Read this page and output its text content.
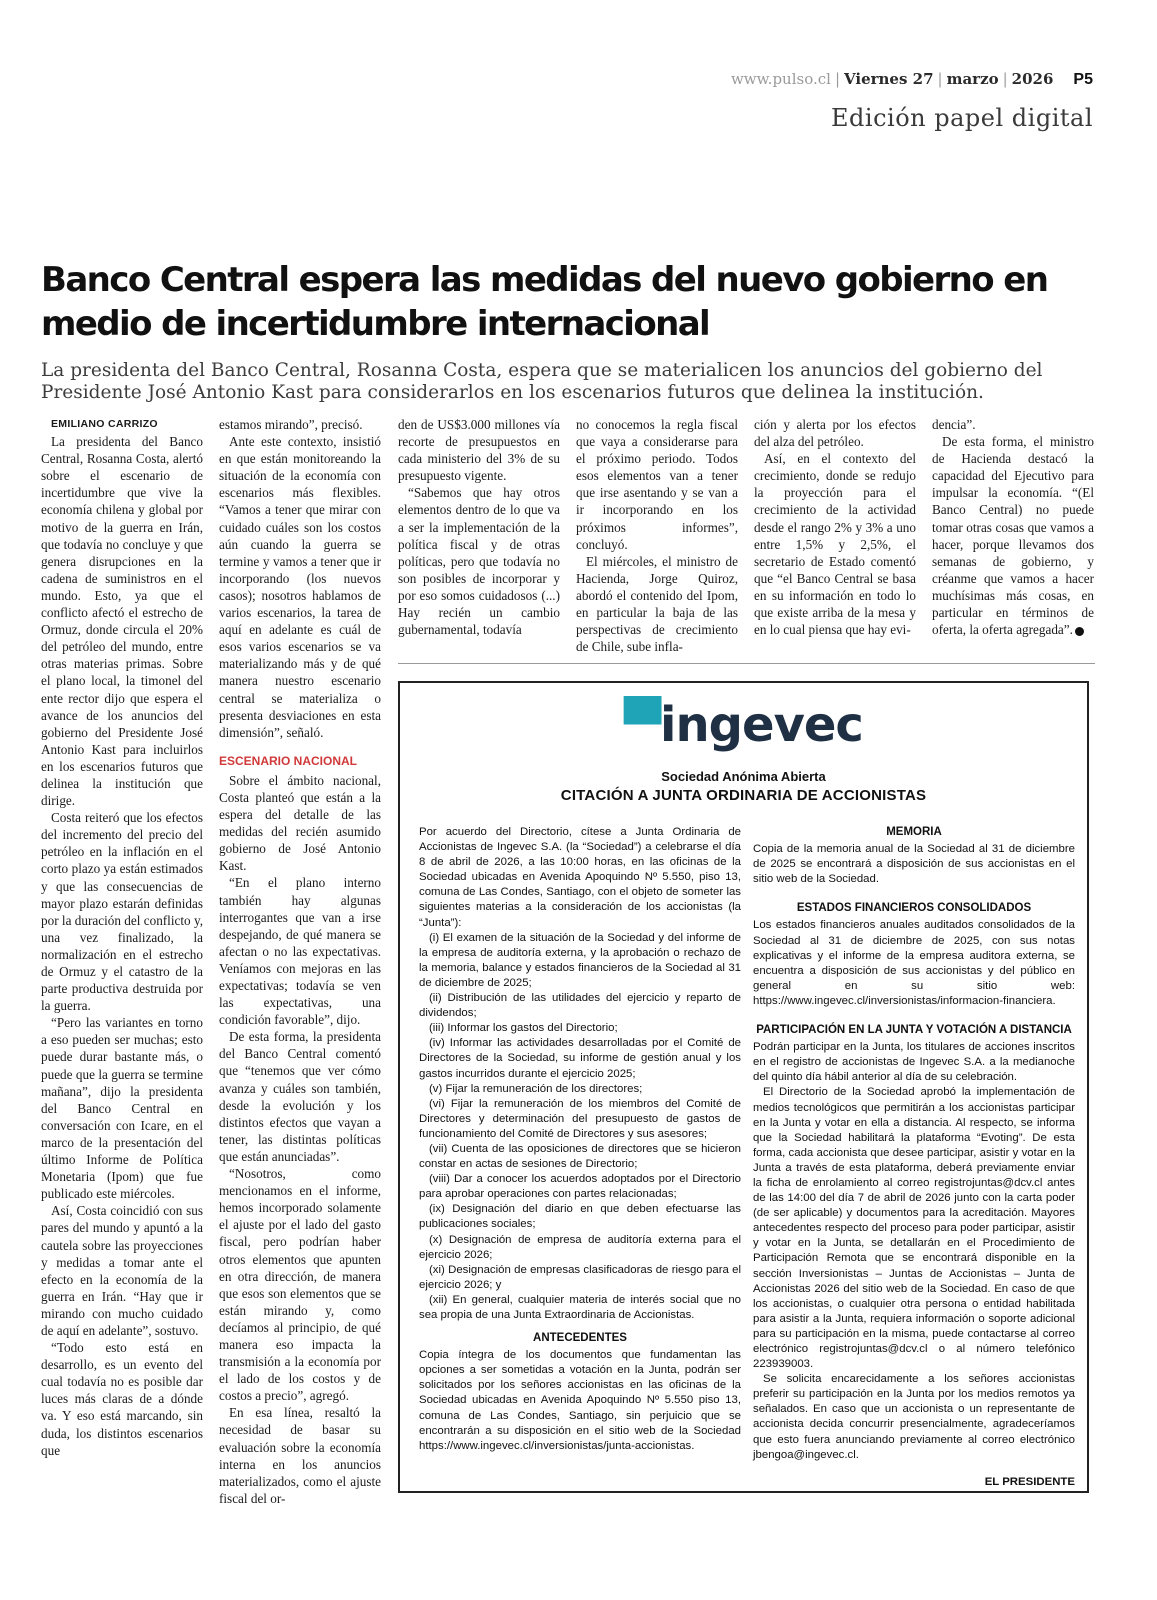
www.pulso.cl | Viernes 27 | marzo | 2026 P5
Edición papel digital
Banco Central espera las medidas del nuevo gobierno en medio de incertidumbre internacional

La presidenta del Banco Central, Rosanna Costa, espera que se materialicen los anuncios del gobierno del Presidente José Antonio Kast para considerarlos en los escenarios futuros que delinea la institución.

EMILIANO CARRIZO

La presidenta del Banco Central, Rosanna Costa, alertó sobre el escenario de incertidumbre que vive la economía chilena y global por motivo de la guerra en Irán, que todavía no concluye y que genera disrupciones en la cadena de suministros en el mundo. Esto, ya que el conflicto afectó el estrecho de Ormuz, donde circula el 20% del petróleo del mundo, entre otras materias primas. Sobre el plano local, la timonel del ente rector dijo que espera el avance de los anuncios del gobierno del Presidente José Antonio Kast para incluirlos en los escenarios futuros que delinea la institución que dirige.

Costa reiteró que los efectos del incremento del precio del petróleo en la inflación en el corto plazo ya están estimados y que las consecuencias de mayor plazo estarán definidas por la duración del conflicto y, una vez finalizado, la normalización en el estrecho de Ormuz y el catastro de la parte productiva destruida por la guerra.

“Pero las variantes en torno a eso pueden ser muchas; esto puede durar bastante más, o puede que la guerra se termine mañana”, dijo la presidenta del Banco Central en conversación con Icare, en el marco de la presentación del último Informe de Política Monetaria (Ipom) que fue publicado este miércoles.

Así, Costa coincidió con sus pares del mundo y apuntó a la cautela sobre las proyecciones y medidas a tomar ante el efecto en la economía de la guerra en Irán. “Hay que ir mirando con mucho cuidado de aquí en adelante”, sostuvo.

“Todo esto está en desarrollo, es un evento del cual todavía no es posible dar luces más claras de a dónde va. Y eso está marcando, sin duda, los distintos escenarios que

estamos mirando”, precisó.

Ante este contexto, insistió en que están monitoreando la situación de la economía con escenarios más flexibles. “Vamos a tener que mirar con cuidado cuáles son los costos aún cuando la guerra se termine y vamos a tener que ir incorporando (los nuevos casos); nosotros hablamos de varios escenarios, la tarea de aquí en adelante es cuál de esos varios escenarios se va materializando más y de qué manera nuestro escenario central se materializa o presenta desviaciones en esta dimensión”, señaló.

ESCENARIO NACIONAL

Sobre el ámbito nacional, Costa planteó que están a la espera del detalle de las medidas del recién asumido gobierno de José Antonio Kast.

“En el plano interno también hay algunas interrogantes que van a irse despejando, de qué manera se afectan o no las expectativas. Veníamos con mejoras en las expectativas; todavía se ven las expectativas, una condición favorable”, dijo.

De esta forma, la presidenta del Banco Central comentó que “tenemos que ver cómo avanza y cuáles son también, desde la evolución y los distintos efectos que vayan a tener, las distintas políticas que están anunciadas”.

“Nosotros, como mencionamos en el informe, hemos incorporado solamente el ajuste por el lado del gasto fiscal, pero podrían haber otros elementos que apunten en otra dirección, de manera que esos son elementos que se están mirando y, como decíamos al principio, de qué manera eso impacta la transmisión a la economía por el lado de los costos y de costos a precio”, agregó.

En esa línea, resaltó la necesidad de basar su evaluación sobre la economía interna en los anuncios materializados, como el ajuste fiscal del or-

den de US$3.000 millones vía recorte de presupuestos en cada ministerio del 3% de su presupuesto vigente.

“Sabemos que hay otros elementos dentro de lo que va a ser la implementación de la política fiscal y de otras políticas, pero que todavía no son posibles de incorporar y por eso somos cuidadosos (...) Hay recién un cambio gubernamental, todavía

no conocemos la regla fiscal que vaya a considerarse para el próximo periodo. Todos esos elementos van a tener que irse asentando y se van a ir incorporando en los próximos informes”, concluyó.

El miércoles, el ministro de Hacienda, Jorge Quiroz, abordó el contenido del Ipom, en particular la baja de las perspectivas de crecimiento de Chile, sube infla-

ción y alerta por los efectos del alza del petróleo.

Así, en el contexto del crecimiento, donde se redujo la proyección para el crecimiento de la actividad desde el rango 2% y 3% a uno entre 1,5% y 2,5%, el secretario de Estado comentó que “el Banco Central se basa en su información en todo lo que existe arriba de la mesa y en lo cual piensa que hay evi-

dencia”.

De esta forma, el ministro de Hacienda destacó la capacidad del Ejecutivo para impulsar la economía. “(El Banco Central) no puede tomar otras cosas que vamos a hacer, porque llevamos dos semanas de gobierno, y créanme que vamos a hacer muchísimas más cosas, en particular en términos de oferta, la oferta agregada”.

▀ingevec
Sociedad Anónima Abierta
CITACIÓN A JUNTA ORDINARIA DE ACCIONISTAS

Por acuerdo del Directorio, cítese a Junta Ordinaria de Accionistas de Ingevec S.A. (la “Sociedad”) a celebrarse el día 8 de abril de 2026, a las 10:00 horas, en las oficinas de la Sociedad ubicadas en Avenida Apoquindo Nº 5.550, piso 13, comuna de Las Condes, Santiago, con el objeto de someter las siguientes materias a la consideración de los accionistas (la “Junta”):

(i) El examen de la situación de la Sociedad y del informe de la empresa de auditoría externa, y la aprobación o rechazo de la memoria, balance y estados financieros de la Sociedad al 31 de diciembre de 2025;

(ii) Distribución de las utilidades del ejercicio y reparto de dividendos;

(iii) Informar los gastos del Directorio;

(iv) Informar las actividades desarrolladas por el Comité de Directores de la Sociedad, su informe de gestión anual y los gastos incurridos durante el ejercicio 2025;

(v) Fijar la remuneración de los directores;

(vi) Fijar la remuneración de los miembros del Comité de Directores y determinación del presupuesto de gastos de funcionamiento del Comité de Directores y sus asesores;

(vii) Cuenta de las oposiciones de directores que se hicieron constar en actas de sesiones de Directorio;

(viii) Dar a conocer los acuerdos adoptados por el Directorio para aprobar operaciones con partes relacionadas;

(ix) Designación del diario en que deben efectuarse las publicaciones sociales;

(x) Designación de empresa de auditoría externa para el ejercicio 2026;

(xi) Designación de empresas clasificadoras de riesgo para el ejercicio 2026; y

(xii) En general, cualquier materia de interés social que no sea propia de una Junta Extraordinaria de Accionistas.

ANTECEDENTES

Copia íntegra de los documentos que fundamentan las opciones a ser sometidas a votación en la Junta, podrán ser solicitados por los señores accionistas en las oficinas de la Sociedad ubicadas en Avenida Apoquindo Nº 5.550 piso 13, comuna de Las Condes, Santiago, sin perjuicio que se encontrarán a su disposición en el sitio web de la Sociedad https://www.ingevec.cl/inversionistas/junta-accionistas.

MEMORIA

Copia de la memoria anual de la Sociedad al 31 de diciembre de 2025 se encontrará a disposición de sus accionistas en el sitio web de la Sociedad.

ESTADOS FINANCIEROS CONSOLIDADOS

Los estados financieros anuales auditados consolidados de la Sociedad al 31 de diciembre de 2025, con sus notas explicativas y el informe de la empresa auditora externa, se encuentra a disposición de sus accionistas y del público en general en su sitio web: https://www.ingevec.cl/inversionistas/informacion-financiera.

PARTICIPACIÓN EN LA JUNTA Y VOTACIÓN A DISTANCIA

Podrán participar en la Junta, los titulares de acciones inscritos en el registro de accionistas de Ingevec S.A. a la medianoche del quinto día hábil anterior al día de su celebración.

El Directorio de la Sociedad aprobó la implementación de medios tecnológicos que permitirán a los accionistas participar en la Junta y votar en ella a distancia. Al respecto, se informa que la Sociedad habilitará la plataforma “Evoting”. De esta forma, cada accionista que desee participar, asistir y votar en la Junta a través de esta plataforma, deberá previamente enviar la ficha de enrolamiento al correo registrojuntas@dcv.cl antes de las 14:00 del día 7 de abril de 2026 junto con la carta poder (de ser aplicable) y documentos para la acreditación. Mayores antecedentes respecto del proceso para poder participar, asistir y votar en la Junta, se detallarán en el Procedimiento de Participación Remota que se encontrará disponible en la sección Inversionistas – Juntas de Accionistas – Junta de Accionistas 2026 del sitio web de la Sociedad. En caso de que los accionistas, o cualquier otra persona o entidad habilitada para asistir a la Junta, requiera información o soporte adicional para su participación en la misma, puede contactarse al correo electrónico registrojuntas@dcv.cl o al número telefónico 223939003.

Se solicita encarecidamente a los señores accionistas preferir su participación en la Junta por los medios remotos ya señalados. En caso que un accionista o un representante de accionista decida concurrir presencialmente, agradeceríamos que esto fuera anunciando previamente al correo electrónico jbengoa@ingevec.cl.

EL PRESIDENTE
